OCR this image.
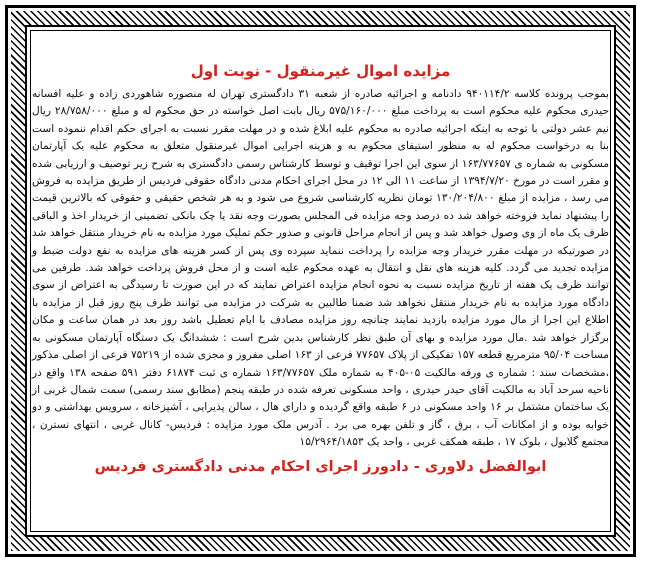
مزایده اموال غیرمنقول - نوبت اول

بموجب پرونده کلاسه ۹۴۰۱۱۴/۲ دادنامه و اجرائیه صادره از شعبه ۳۱ دادگستری تهران له منصوره شاهوردی زاده و علیه افسانه حیدری محکوم علیه محکوم است به پرداخت مبلغ ۵۷۵/۱۶۰/۰۰۰ ریال بابت اصل خواسته در حق محکوم له و مبلغ ۲۸/۷۵۸/۰۰۰ ریال نیم عشر دولتی با توجه به اینکه اجرائیه صادره به محکوم علیه ابلاغ شده و در مهلت مقرر نسبت به اجرای حکم اقدام ننموده است بنا به درخواست محکوم له به منظور استیفای محکوم به و هزینه اجرایی اموال غیرمنقول متعلق به محکوم علیه یک آپارتمان مسکونی به شماره ی ۱۶۳/۷۷۶۵۷ از سوی این اجرا توقیف و توسط کارشناس رسمی دادگستری به شرح زیر توصیف و ارزیابی شده و مقرر است در مورخ ۱۳۹۴/۷/۲۰ از ساعت ۱۱ الی ۱۲ در محل اجرای احکام مدنی دادگاه حقوقی فردیس از طریق مزایده به فروش می رسد ، مزایده از مبلغ ۱۳۰/۲۰۴/۸۰۰ تومان نظریه کارشناسی شروع می شود و به هر شخص حقیقی و حقوقی که بالاترین قیمت را پیشنهاد نماید فروخته خواهد شد ده درصد وجه مزایده فی المجلس بصورت وجه نقد یا چک بانکی تضمینی از خریدار اخذ و الباقی ظرف یک ماه از وی وصول خواهد شد و پس از انجام مراحل قانونی و صدور حکم تملیک مورد مزایده به نام خریدار منتقل خواهد شد در صورتیکه در مهلت مقرر خریدار وجه مزایده را پرداخت ننماید سپرده وی پس از کسر هزینه های مزایده به نفع دولت ضبط و مزایده تجدید می گردد. کلیه هزینه های نقل و انتقال به عهده محکوم علیه است و از محل فروش پرداخت خواهد شد. طرفین می توانند ظرف یک هفته از تاریخ مزایده نسبت به نحوه انجام مزایده اعتراض نمایند که در این صورت تا رسیدگی به اعتراض از سوی دادگاه مورد مزایده به نام خریدار منتقل نخواهد شد ضمنا طالبین به شرکت در مزایده می توانند ظرف پنج روز قبل از مزایده با اطلاع این اجرا از مال مورد مزایده بازدید نمایند چنانچه روز مزایده مصادف با ایام تعطیل باشد روز بعد در همان ساعت و مکان برگزار خواهد شد .مال مورد مزایده و بهای آن طبق نظر کارشناس بدین شرح است : ششدانگ یک دستگاه آپارتمان مسکونی به مساحت ۹۵/۰۴ مترمربع قطعه ۱۵۷ تفکیکی از پلاک ۷۷۶۵۷ فرعی از ۱۶۳ اصلی مفروز و مجزی شده از ۷۵۲۱۹ فرعی از اصلی مذکور ،مشخصات سند : شماره ی ورقه مالکیت ۰۵-۴۰۵ به شماره ملک ۱۶۳/۷۷۶۵۷ شماره ی ثبت ۶۱۸۷۴ دفتر ۵۹۱ صفحه ۱۳۸ واقع در ناحیه سرحد آباد به مالکیت آقای حیدر حیدری ، واحد مسکونی تعرفه شده در طبقه پنجم (مطابق سند رسمی) سمت شمال غربی از یک ساختمان مشتمل بر ۱۶ واحد مسکونی در ۶ طبقه واقع گردیده و دارای هال ، سالن پذیرایی ، آشپزخانه ، سرویس بهداشتی و دو خوابه بوده و از امکانات آب ، برق ، گاز و تلفن بهره می برد . آدرس ملک مورد مزایده : فردیس- کانال غربی ، انتهای نسترن ، مجتمع گلابول ، بلوک ۱۷ ، طبقه همکف غربی ، واحد یک ۱۵/۲۹۶۴/۱۸۵۳

ابوالفضل دلاوری - دادورز اجرای احکام مدنی دادگستری فردیس
